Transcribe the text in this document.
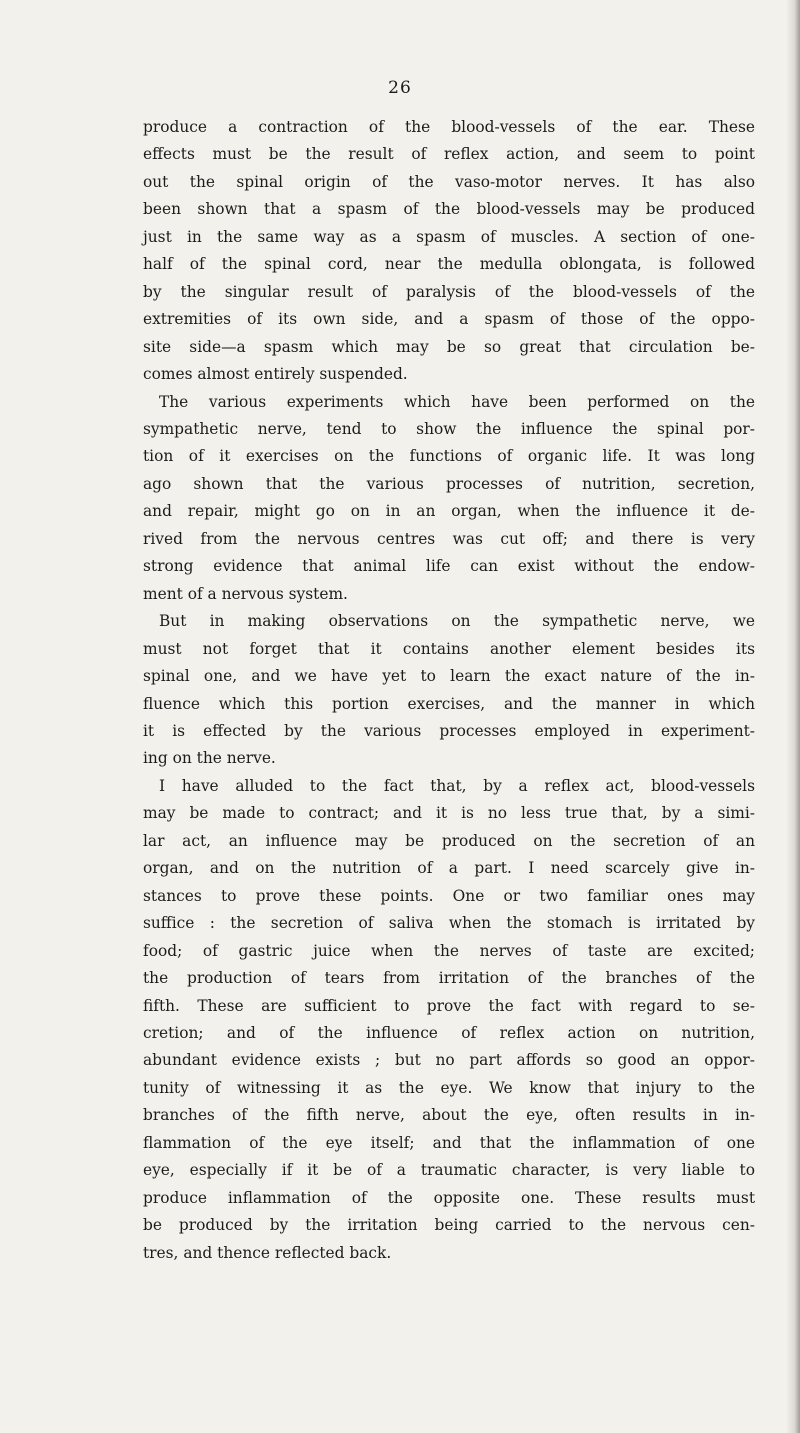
26

produce a contraction of the blood-vessels of the ear. These
effects must be the result of reflex action, and seem to point
out the spinal origin of the vaso-motor nerves. It has also
been shown that a spasm of the blood-vessels may be produced
just in the same way as a spasm of muscles. A section of one-
half of the spinal cord, near the medulla oblongata, is followed
by the singular result of paralysis of the blood-vessels of the
extremities of its own side, and a spasm of those of the oppo-
site side—a spasm which may be so great that circulation be-
comes almost entirely suspended.
The various experiments which have been performed on the
sympathetic nerve, tend to show the influence the spinal por-
tion of it exercises on the functions of organic life. It was long
ago shown that the various processes of nutrition, secretion,
and repair, might go on in an organ, when the influence it de-
rived from the nervous centres was cut off; and there is very
strong evidence that animal life can exist without the endow-
ment of a nervous system.
But in making observations on the sympathetic nerve, we
must not forget that it contains another element besides its
spinal one, and we have yet to learn the exact nature of the in-
fluence which this portion exercises, and the manner in which
it is effected by the various processes employed in experiment-
ing on the nerve.
I have alluded to the fact that, by a reflex act, blood-vessels
may be made to contract; and it is no less true that, by a simi-
lar act, an influence may be produced on the secretion of an
organ, and on the nutrition of a part. I need scarcely give in-
stances to prove these points. One or two familiar ones may
suffice : the secretion of saliva when the stomach is irritated by
food; of gastric juice when the nerves of taste are excited;
the production of tears from irritation of the branches of the
fifth. These are sufficient to prove the fact with regard to se-
cretion; and of the influence of reflex action on nutrition,
abundant evidence exists ; but no part affords so good an oppor-
tunity of witnessing it as the eye. We know that injury to the
branches of the fifth nerve, about the eye, often results in in-
flammation of the eye itself; and that the inflammation of one
eye, especially if it be of a traumatic character, is very liable to
produce inflammation of the opposite one. These results must
be produced by the irritation being carried to the nervous cen-
tres, and thence reflected back.
